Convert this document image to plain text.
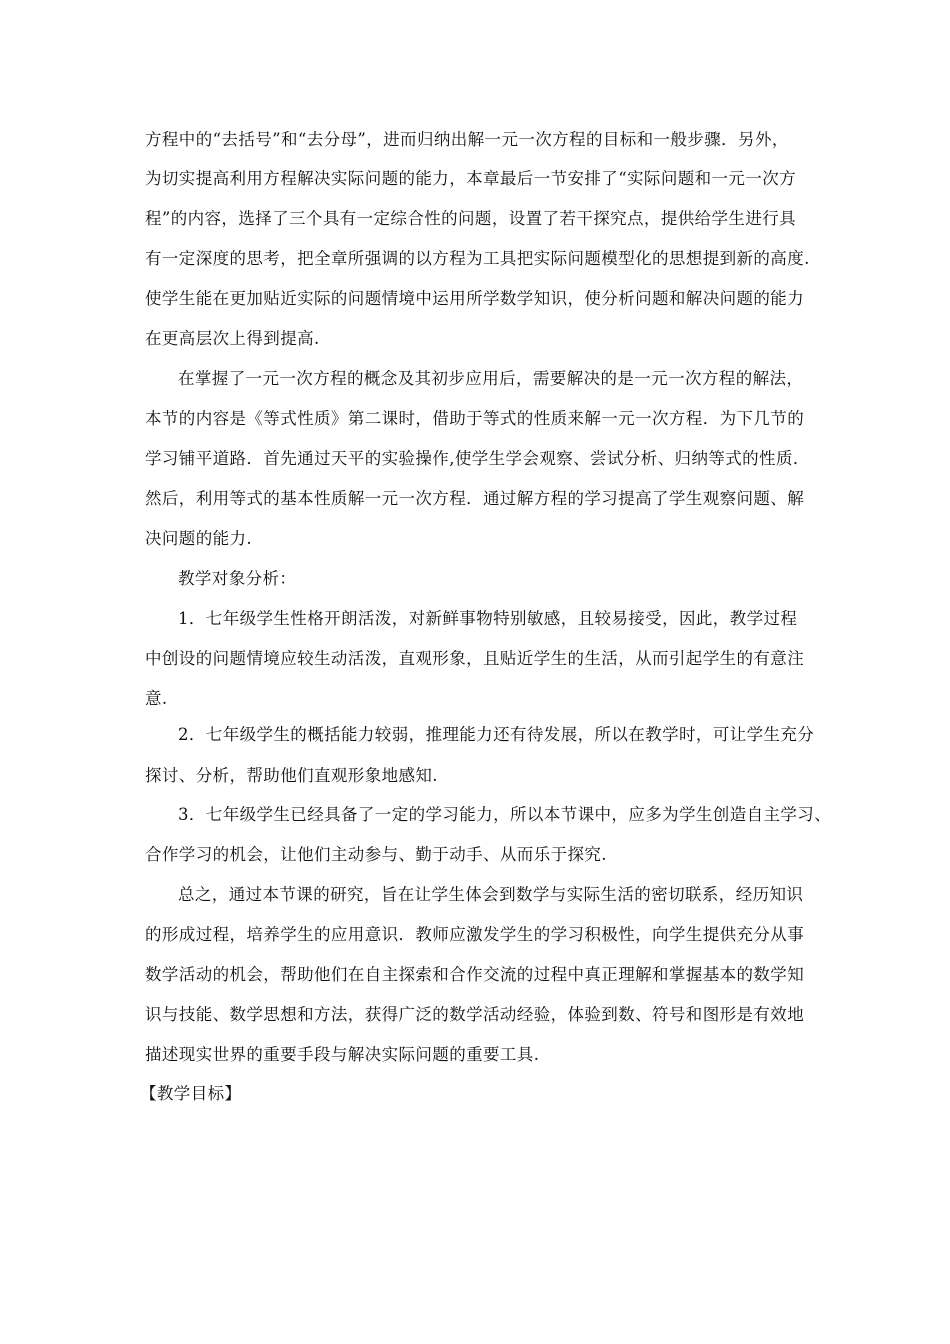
方程中的“去括号”和“去分母”，进而归纳出解一元一次方程的目标和一般步骤．另外，
为切实提高利用方程解决实际问题的能力，本章最后一节安排了“实际问题和一元一次方
程”的内容，选择了三个具有一定综合性的问题，设置了若干探究点，提供给学生进行具
有一定深度的思考，把全章所强调的以方程为工具把实际问题模型化的思想提到新的高度.
使学生能在更加贴近实际的问题情境中运用所学数学知识，使分析问题和解决问题的能力
在更高层次上得到提高.
在掌握了一元一次方程的概念及其初步应用后，需要解决的是一元一次方程的解法，
本节的内容是《等式性质》第二课时，借助于等式的性质来解一元一次方程．为下几节的
学习铺平道路．首先通过天平的实验操作,使学生学会观察、尝试分析、归纳等式的性质．
然后，利用等式的基本性质解一元一次方程．通过解方程的学习提高了学生观察问题、解
决问题的能力.
教学对象分析：
1．七年级学生性格开朗活泼，对新鲜事物特别敏感，且较易接受，因此，教学过程
中创设的问题情境应较生动活泼，直观形象，且贴近学生的生活，从而引起学生的有意注
意.
2．七年级学生的概括能力较弱，推理能力还有待发展，所以在教学时，可让学生充分
探讨、分析，帮助他们直观形象地感知.
3．七年级学生已经具备了一定的学习能力，所以本节课中，应多为学生创造自主学习、
合作学习的机会，让他们主动参与、勤于动手、从而乐于探究.
总之，通过本节课的研究，旨在让学生体会到数学与实际生活的密切联系，经历知识
的形成过程，培养学生的应用意识．教师应激发学生的学习积极性，向学生提供充分从事
数学活动的机会，帮助他们在自主探索和合作交流的过程中真正理解和掌握基本的数学知
识与技能、数学思想和方法，获得广泛的数学活动经验，体验到数、符号和图形是有效地
描述现实世界的重要手段与解决实际问题的重要工具.
【教学目标】
